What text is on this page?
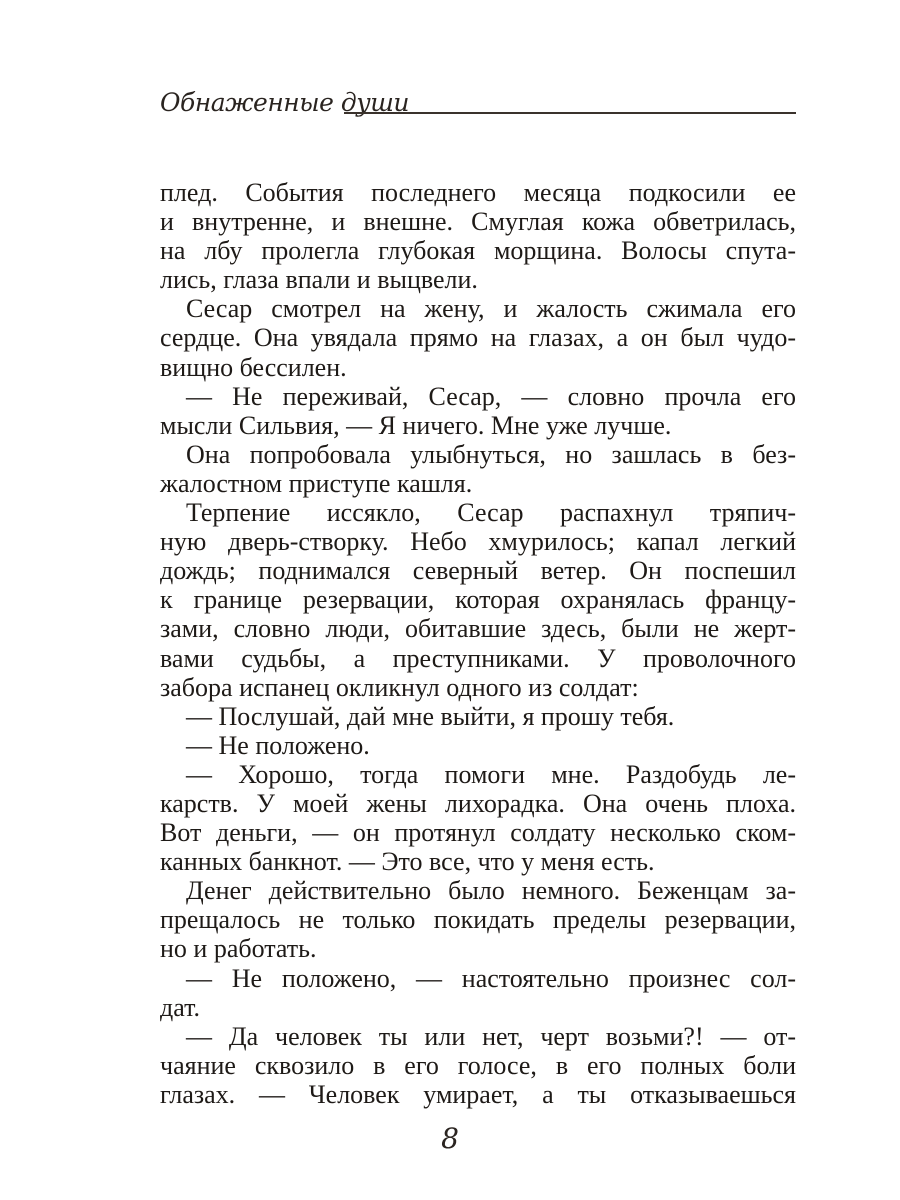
Обнаженные души
плед. События последнего месяца подкосили ее
и внутренне, и внешне. Смуглая кожа обветрилась,
на лбу пролегла глубокая морщина. Волосы спута-
лись, глаза впали и выцвели.
Сесар смотрел на жену, и жалость сжимала его
сердце. Она увядала прямо на глазах, а он был чудо-
вищно бессилен.
— Не переживай, Сесар, — словно прочла его
мысли Сильвия, — Я ничего. Мне уже лучше.
Она попробовала улыбнуться, но зашлась в без-
жалостном приступе кашля.
Терпение иссякло, Сесар распахнул тряпич-
ную дверь-створку. Небо хмурилось; капал легкий
дождь; поднимался северный ветер. Он поспешил
к границе резервации, которая охранялась францу-
зами, словно люди, обитавшие здесь, были не жерт-
вами судьбы, а преступниками. У проволочного
забора испанец окликнул одного из солдат:
— Послушай, дай мне выйти, я прошу тебя.
— Не положено.
— Хорошо, тогда помоги мне. Раздобудь ле-
карств. У моей жены лихорадка. Она очень плоха.
Вот деньги, — он протянул солдату несколько ском-
канных банкнот. — Это все, что у меня есть.
Денег действительно было немного. Беженцам за-
прещалось не только покидать пределы резервации,
но и работать.
— Не положено, — настоятельно произнес сол-
дат.
— Да человек ты или нет, черт возьми?! — от-
чаяние сквозило в его голосе, в его полных боли
глазах. — Человек умирает, а ты отказываешься
8
